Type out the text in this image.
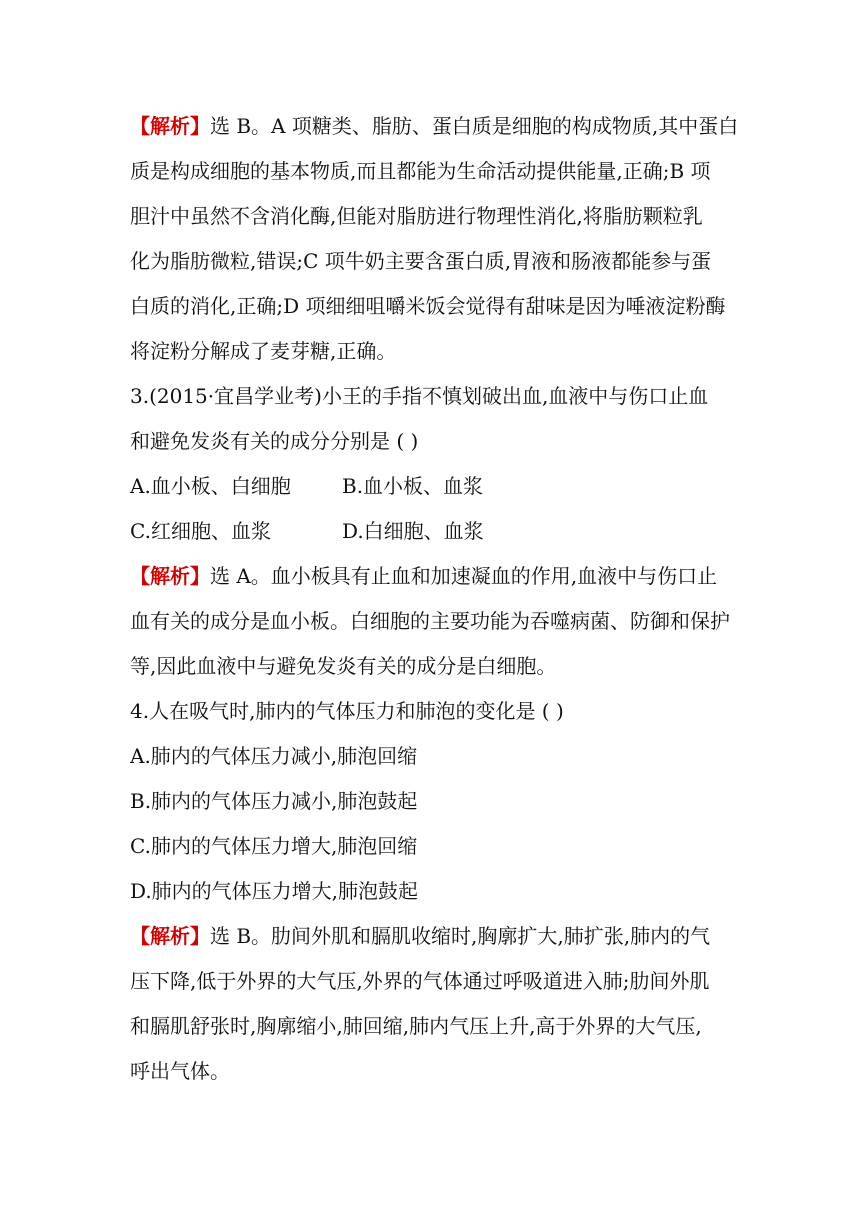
【解析】选 B。A 项糖类、脂肪、蛋白质是细胞的构成物质,其中蛋白
质是构成细胞的基本物质,而且都能为生命活动提供能量,正确;B 项
胆汁中虽然不含消化酶,但能对脂肪进行物理性消化,将脂肪颗粒乳
化为脂肪微粒,错误;C 项牛奶主要含蛋白质,胃液和肠液都能参与蛋
白质的消化,正确;D 项细细咀嚼米饭会觉得有甜味是因为唾液淀粉酶
将淀粉分解成了麦芽糖,正确。
3.(2015·宜昌学业考)小王的手指不慎划破出血,血液中与伤口止血
和避免发炎有关的成分分别是 ( )
A.血小板、白细胞	B.血小板、血浆
C.红细胞、血浆	D.白细胞、血浆
【解析】选 A。血小板具有止血和加速凝血的作用,血液中与伤口止
血有关的成分是血小板。白细胞的主要功能为吞噬病菌、防御和保护
等,因此血液中与避免发炎有关的成分是白细胞。
4.人在吸气时,肺内的气体压力和肺泡的变化是 ( )
A.肺内的气体压力减小,肺泡回缩
B.肺内的气体压力减小,肺泡鼓起
C.肺内的气体压力增大,肺泡回缩
D.肺内的气体压力增大,肺泡鼓起
【解析】选 B。肋间外肌和膈肌收缩时,胸廓扩大,肺扩张,肺内的气
压下降,低于外界的大气压,外界的气体通过呼吸道进入肺;肋间外肌
和膈肌舒张时,胸廓缩小,肺回缩,肺内气压上升,高于外界的大气压,
呼出气体。
